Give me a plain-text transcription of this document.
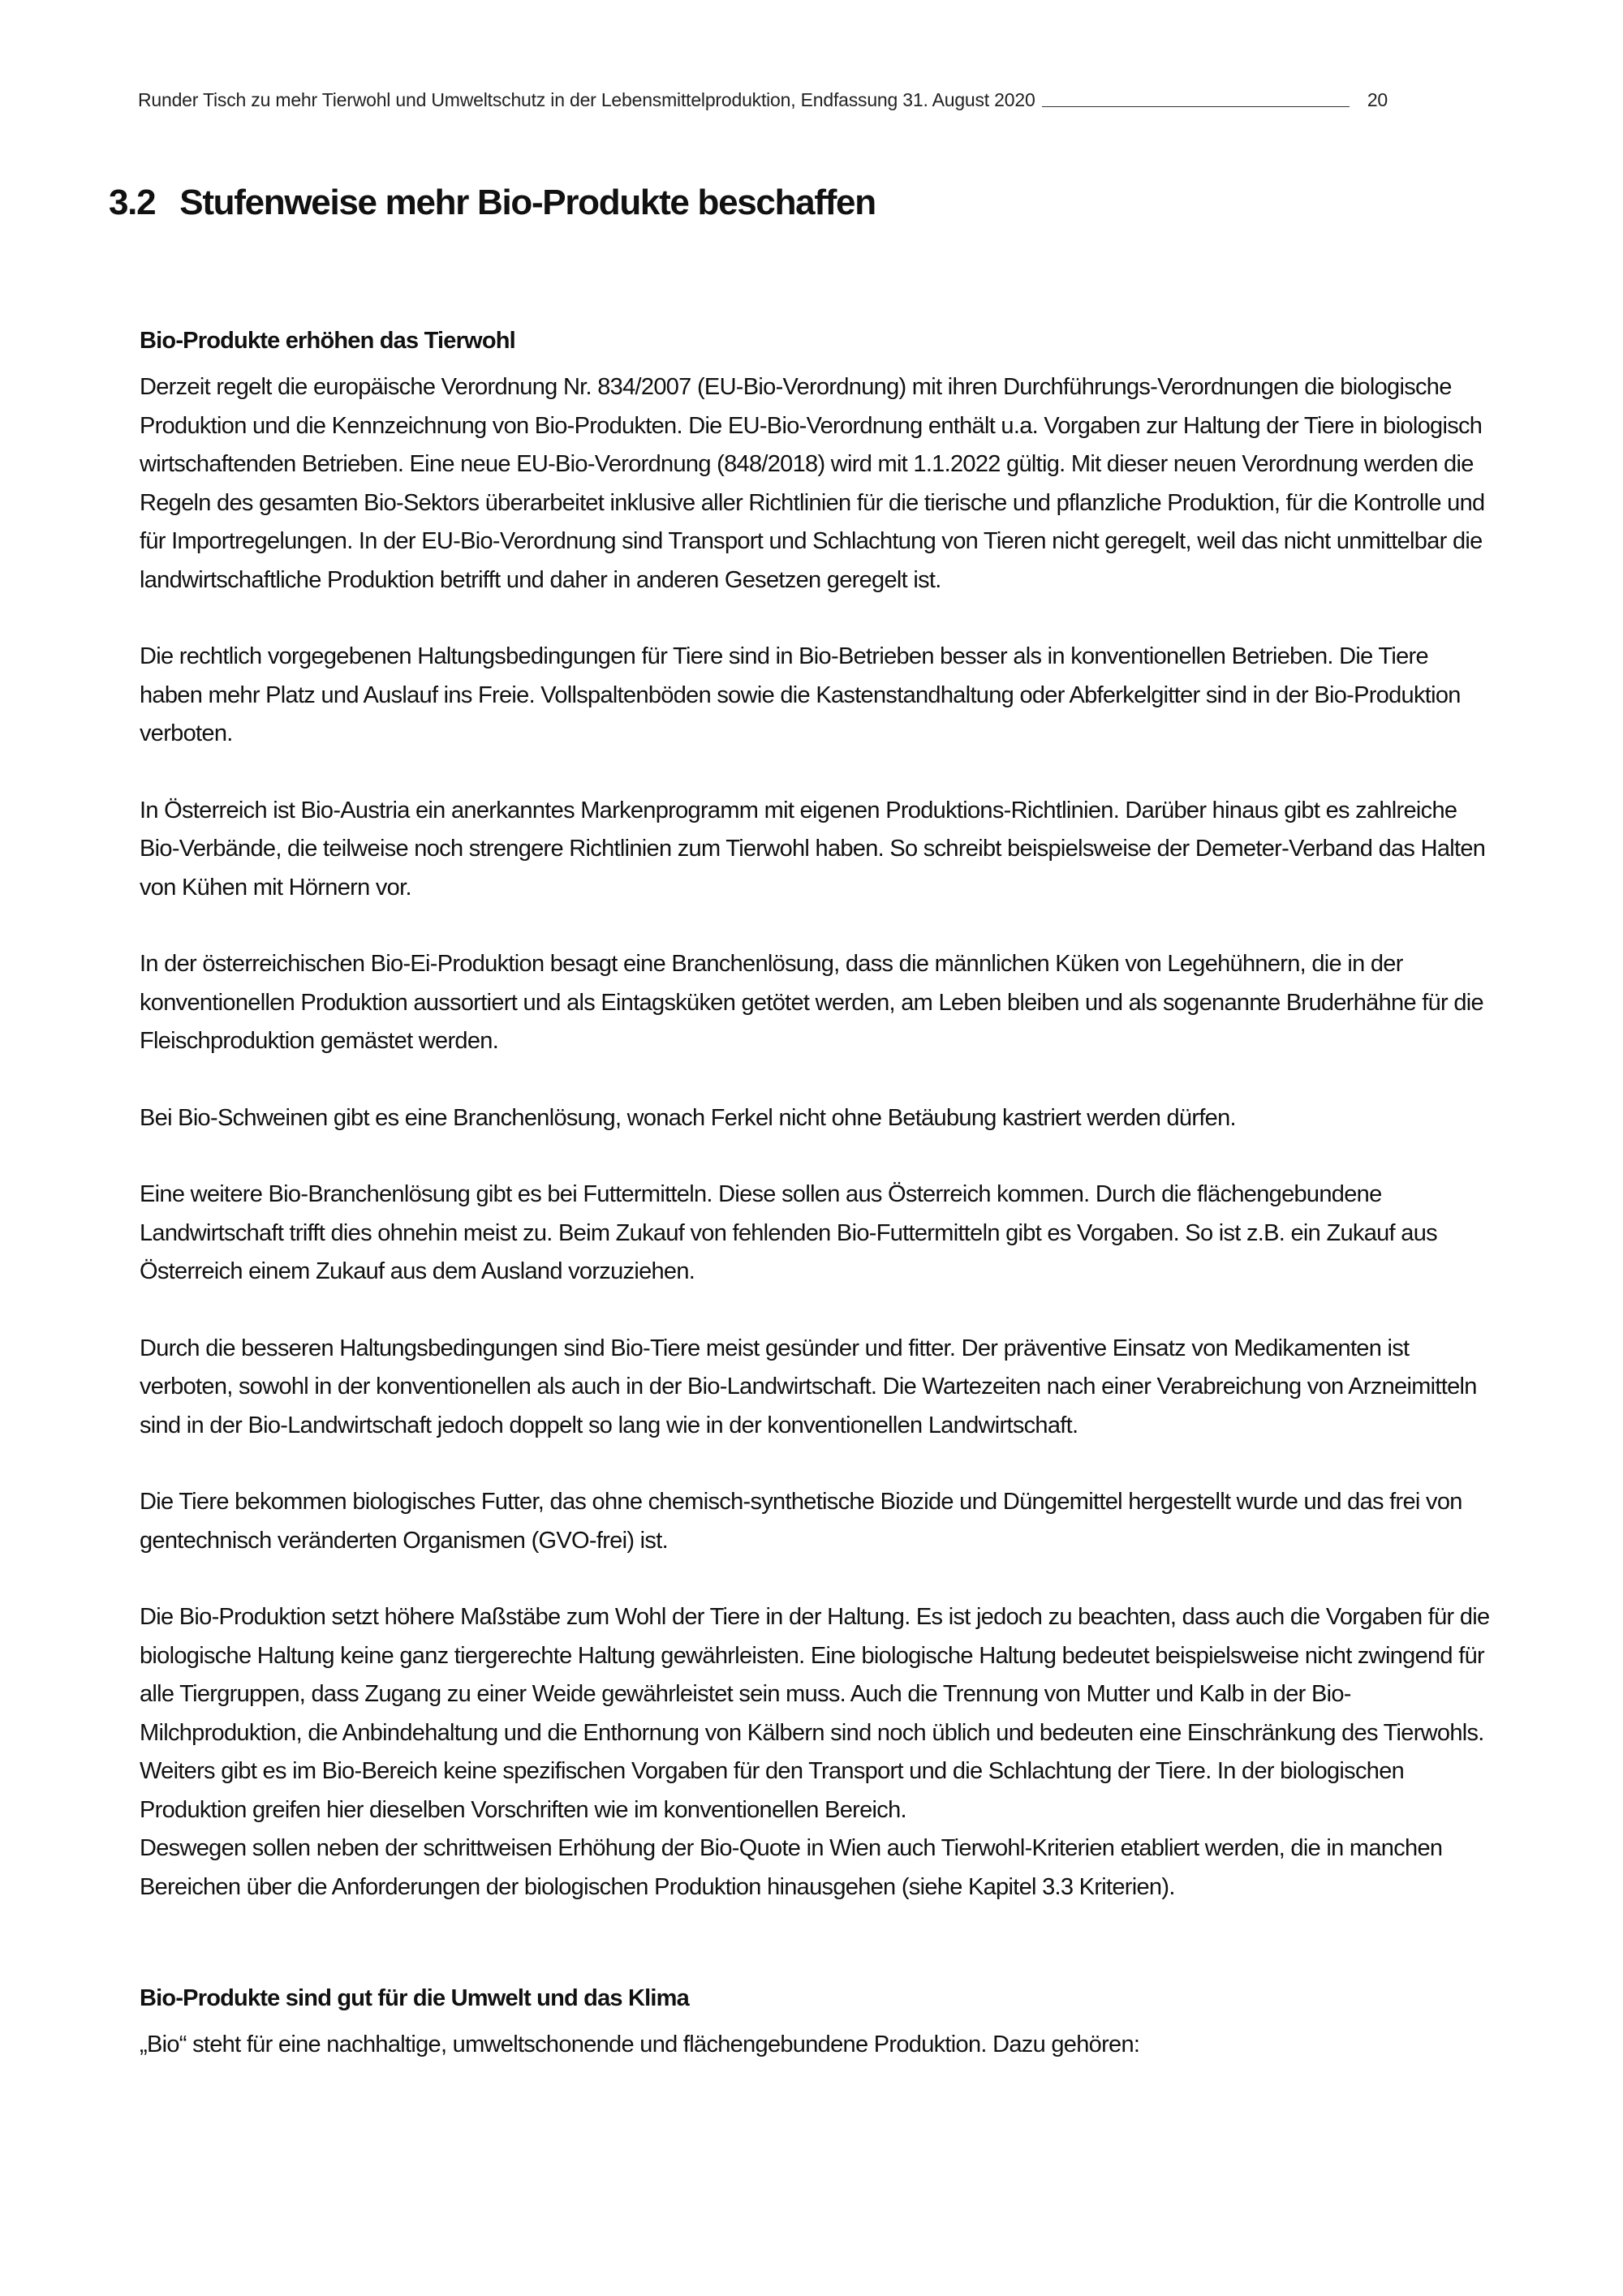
Runder Tisch zu mehr Tierwohl und Umweltschutz in der Lebensmittelproduktion, Endfassung 31. August 2020	20
3.2 Stufenweise mehr Bio-Produkte beschaffen
Bio-Produkte erhöhen das Tierwohl

Derzeit regelt die europäische Verordnung Nr. 834/2007 (EU-Bio-Verordnung) mit ihren Durchführungs-Verordnungen die biologische Produktion und die Kennzeichnung von Bio-Produkten. Die EU-Bio-Verordnung enthält u.a. Vorgaben zur Haltung der Tiere in biologisch wirtschaftenden Betrieben. Eine neue EU-Bio-Verordnung (848/2018) wird mit 1.1.2022 gültig. Mit dieser neuen Verordnung werden die Regeln des gesamten Bio-Sektors überarbeitet inklusive aller Richtlinien für die tierische und pflanzliche Produktion, für die Kontrolle und für Importregelungen. In der EU-Bio-Verordnung sind Transport und Schlachtung von Tieren nicht geregelt, weil das nicht unmittelbar die landwirtschaftliche Produktion betrifft und daher in anderen Gesetzen geregelt ist.

Die rechtlich vorgegebenen Haltungsbedingungen für Tiere sind in Bio-Betrieben besser als in konventionellen Betrieben. Die Tiere haben mehr Platz und Auslauf ins Freie. Vollspaltenböden sowie die Kastenstandhaltung oder Abferkelgitter sind in der Bio-Produktion verboten.

In Österreich ist Bio-Austria ein anerkanntes Markenprogramm mit eigenen Produktions-Richtlinien. Darüber hinaus gibt es zahlreiche Bio-Verbände, die teilweise noch strengere Richtlinien zum Tierwohl haben. So schreibt beispielsweise der Demeter-Verband das Halten von Kühen mit Hörnern vor.

In der österreichischen Bio-Ei-Produktion besagt eine Branchenlösung, dass die männlichen Küken von Legehühnern, die in der konventionellen Produktion aussortiert und als Eintagsküken getötet werden, am Leben bleiben und als sogenannte Bruderhähne für die Fleischproduktion gemästet werden.

Bei Bio-Schweinen gibt es eine Branchenlösung, wonach Ferkel nicht ohne Betäubung kastriert werden dürfen.

Eine weitere Bio-Branchenlösung gibt es bei Futtermitteln. Diese sollen aus Österreich kommen. Durch die flächengebundene Landwirtschaft trifft dies ohnehin meist zu. Beim Zukauf von fehlenden Bio-Futtermitteln gibt es Vorgaben. So ist z.B. ein Zukauf aus Österreich einem Zukauf aus dem Ausland vorzuziehen.

Durch die besseren Haltungsbedingungen sind Bio-Tiere meist gesünder und fitter. Der präventive Einsatz von Medikamenten ist verboten, sowohl in der konventionellen als auch in der Bio-Landwirtschaft. Die Wartezeiten nach einer Verabreichung von Arzneimitteln sind in der Bio-Landwirtschaft jedoch doppelt so lang wie in der konventionellen Landwirtschaft.

Die Tiere bekommen biologisches Futter, das ohne chemisch-synthetische Biozide und Düngemittel hergestellt wurde und das frei von gentechnisch veränderten Organismen (GVO-frei) ist.

Die Bio-Produktion setzt höhere Maßstäbe zum Wohl der Tiere in der Haltung. Es ist jedoch zu beachten, dass auch die Vorgaben für die biologische Haltung keine ganz tiergerechte Haltung gewährleisten. Eine biologische Haltung bedeutet beispielsweise nicht zwingend für alle Tiergruppen, dass Zugang zu einer Weide gewährleistet sein muss. Auch die Trennung von Mutter und Kalb in der Bio-Milchproduktion, die Anbindehaltung und die Enthornung von Kälbern sind noch üblich und bedeuten eine Einschränkung des Tierwohls. Weiters gibt es im Bio-Bereich keine spezifischen Vorgaben für den Transport und die Schlachtung der Tiere. In der biologischen Produktion greifen hier dieselben Vorschriften wie im konventionellen Bereich.

Deswegen sollen neben der schrittweisen Erhöhung der Bio-Quote in Wien auch Tierwohl-Kriterien etabliert werden, die in manchen Bereichen über die Anforderungen der biologischen Produktion hinausgehen (siehe Kapitel 3.3 Kriterien).

Bio-Produkte sind gut für die Umwelt und das Klima

„Bio“ steht für eine nachhaltige, umweltschonende und flächengebundene Produktion. Dazu gehören:
